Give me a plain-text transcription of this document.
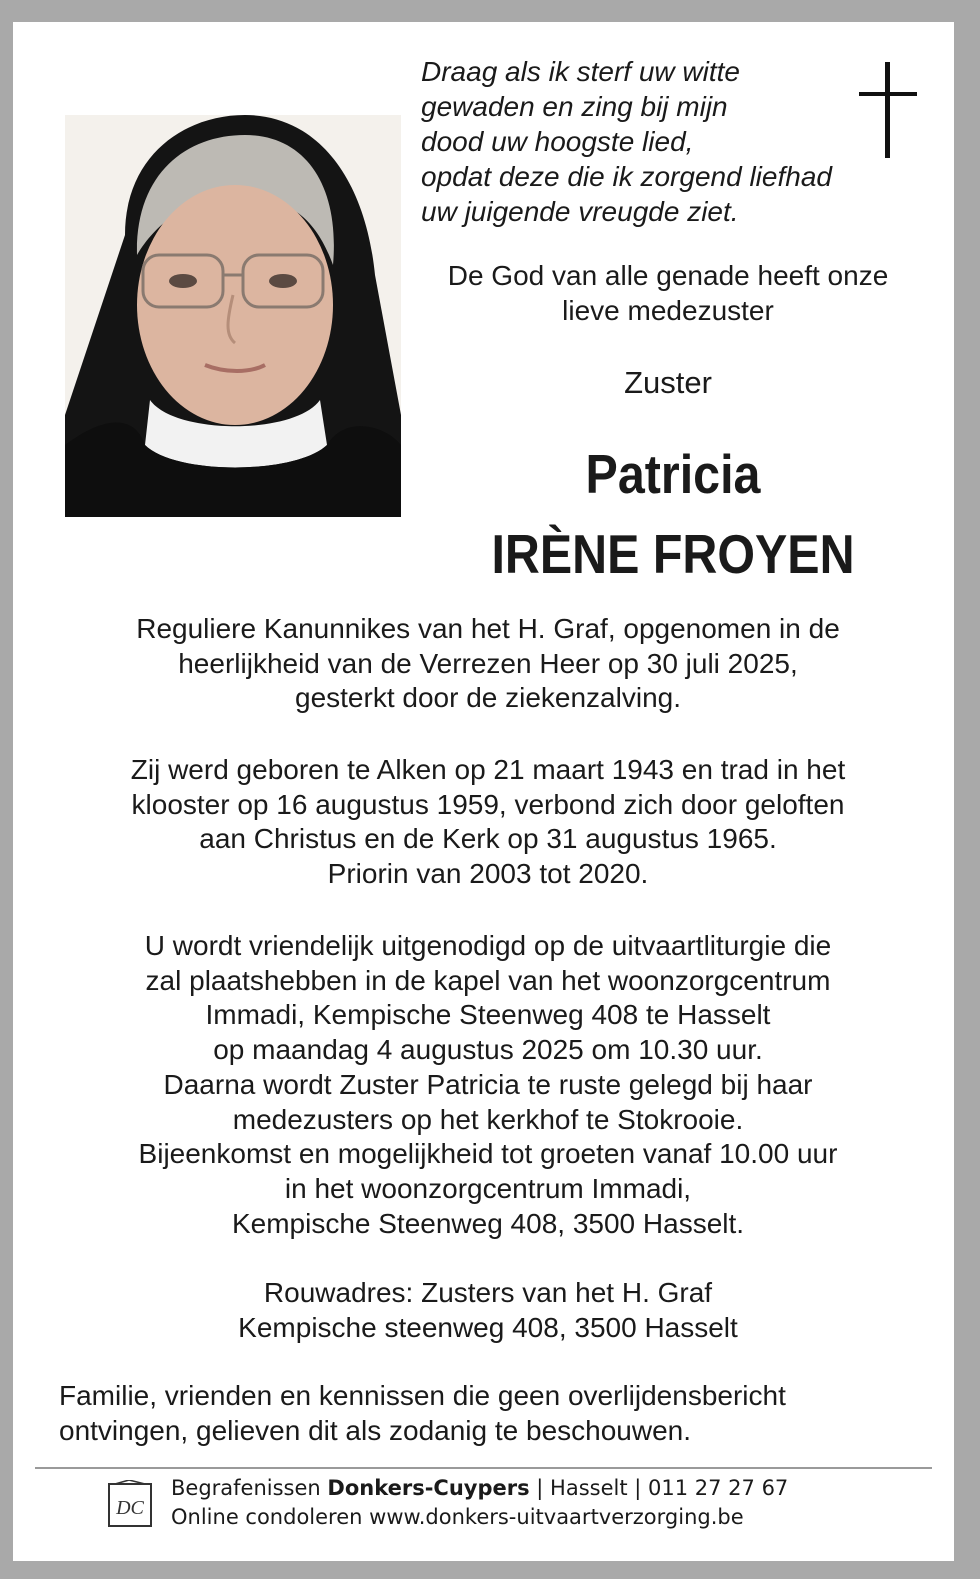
Draag als ik sterf uw witte
gewaden en zing bij mijn
dood uw hoogste lied,
opdat deze die ik zorgend liefhad
uw juigende vreugde ziet.
De God van alle genade heeft onze
lieve medezuster
Zuster
Patricia
IRÈNE FROYEN
Reguliere Kanunnikes van het H. Graf, opgenomen in de
heerlijkheid van de Verrezen Heer op 30 juli 2025,
gesterkt door de ziekenzalving.
Zij werd geboren te Alken op 21 maart 1943 en trad in het
klooster op 16 augustus 1959, verbond zich door geloften
aan Christus en de Kerk op 31 augustus 1965.
Priorin van 2003 tot 2020.
U wordt vriendelijk uitgenodigd op de uitvaartliturgie die
zal plaatshebben in de kapel van het woonzorgcentrum
Immadi, Kempische Steenweg 408 te Hasselt
op maandag 4 augustus 2025 om 10.30 uur.
Daarna wordt Zuster Patricia te ruste gelegd bij haar
medezusters op het kerkhof te Stokrooie.
Bijeenkomst en mogelijkheid tot groeten vanaf 10.00 uur
in het woonzorgcentrum Immadi,
Kempische Steenweg 408, 3500 Hasselt.
Rouwadres: Zusters van het H. Graf
Kempische steenweg 408, 3500 Hasselt
Familie, vrienden en kennissen die geen overlijdensbericht
ontvingen, gelieven dit als zodanig te beschouwen.
DC
Begrafenissen Donkers-Cuypers | Hasselt | 011 27 27 67
Online condoleren www.donkers-uitvaartverzorging.be
